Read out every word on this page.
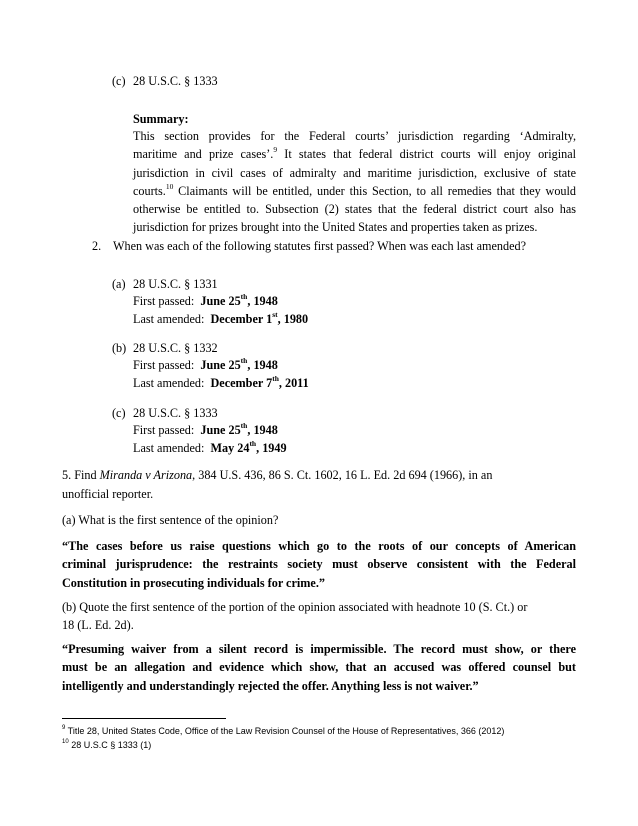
(c) 28 U.S.C. § 1333
Summary:
This section provides for the Federal courts’ jurisdiction regarding ‘Admiralty,
maritime and prize cases’.$^9$ It states that federal district courts will enjoy original
jurisdiction in civil cases of admiralty and maritime jurisdiction, exclusive of state
courts.$^{10}$ Claimants will be entitled, under this Section, to all remedies that they would
otherwise be entitled to. Subsection (2) states that the federal district court also has
jurisdiction for prizes brought into the United States and properties taken as prizes.
2. When was each of the following statutes first passed? When was each last amended?
(a) 28 U.S.C. § 1331
First passed: June 25th, 1948
Last amended: December 1st, 1980
(b) 28 U.S.C. § 1332
First passed: June 25th, 1948
Last amended: December 7th, 2011
(c) 28 U.S.C. § 1333
First passed: June 25th, 1948
Last amended: May 24th, 1949
5. Find Miranda v Arizona, 384 U.S. 436, 86 S. Ct. 1602, 16 L. Ed. 2d 694 (1966), in an
unofficial reporter.
(a) What is the first sentence of the opinion?
“The cases before us raise questions which go to the roots of our concepts of American
criminal jurisprudence: the restraints society must observe consistent with the Federal
Constitution in prosecuting individuals for crime.”
(b) Quote the first sentence of the portion of the opinion associated with headnote 10 (S. Ct.) or
18 (L. Ed. 2d).
“Presuming waiver from a silent record is impermissible. The record must show, or there
must be an allegation and evidence which show, that an accused was offered counsel but
intelligently and understandingly rejected the offer. Anything less is not waiver.”
$^9$ Title 28, United States Code, Office of the Law Revision Counsel of the House of Representatives, 366 (2012)
$^{10}$ 28 U.S.C § 1333 (1)
